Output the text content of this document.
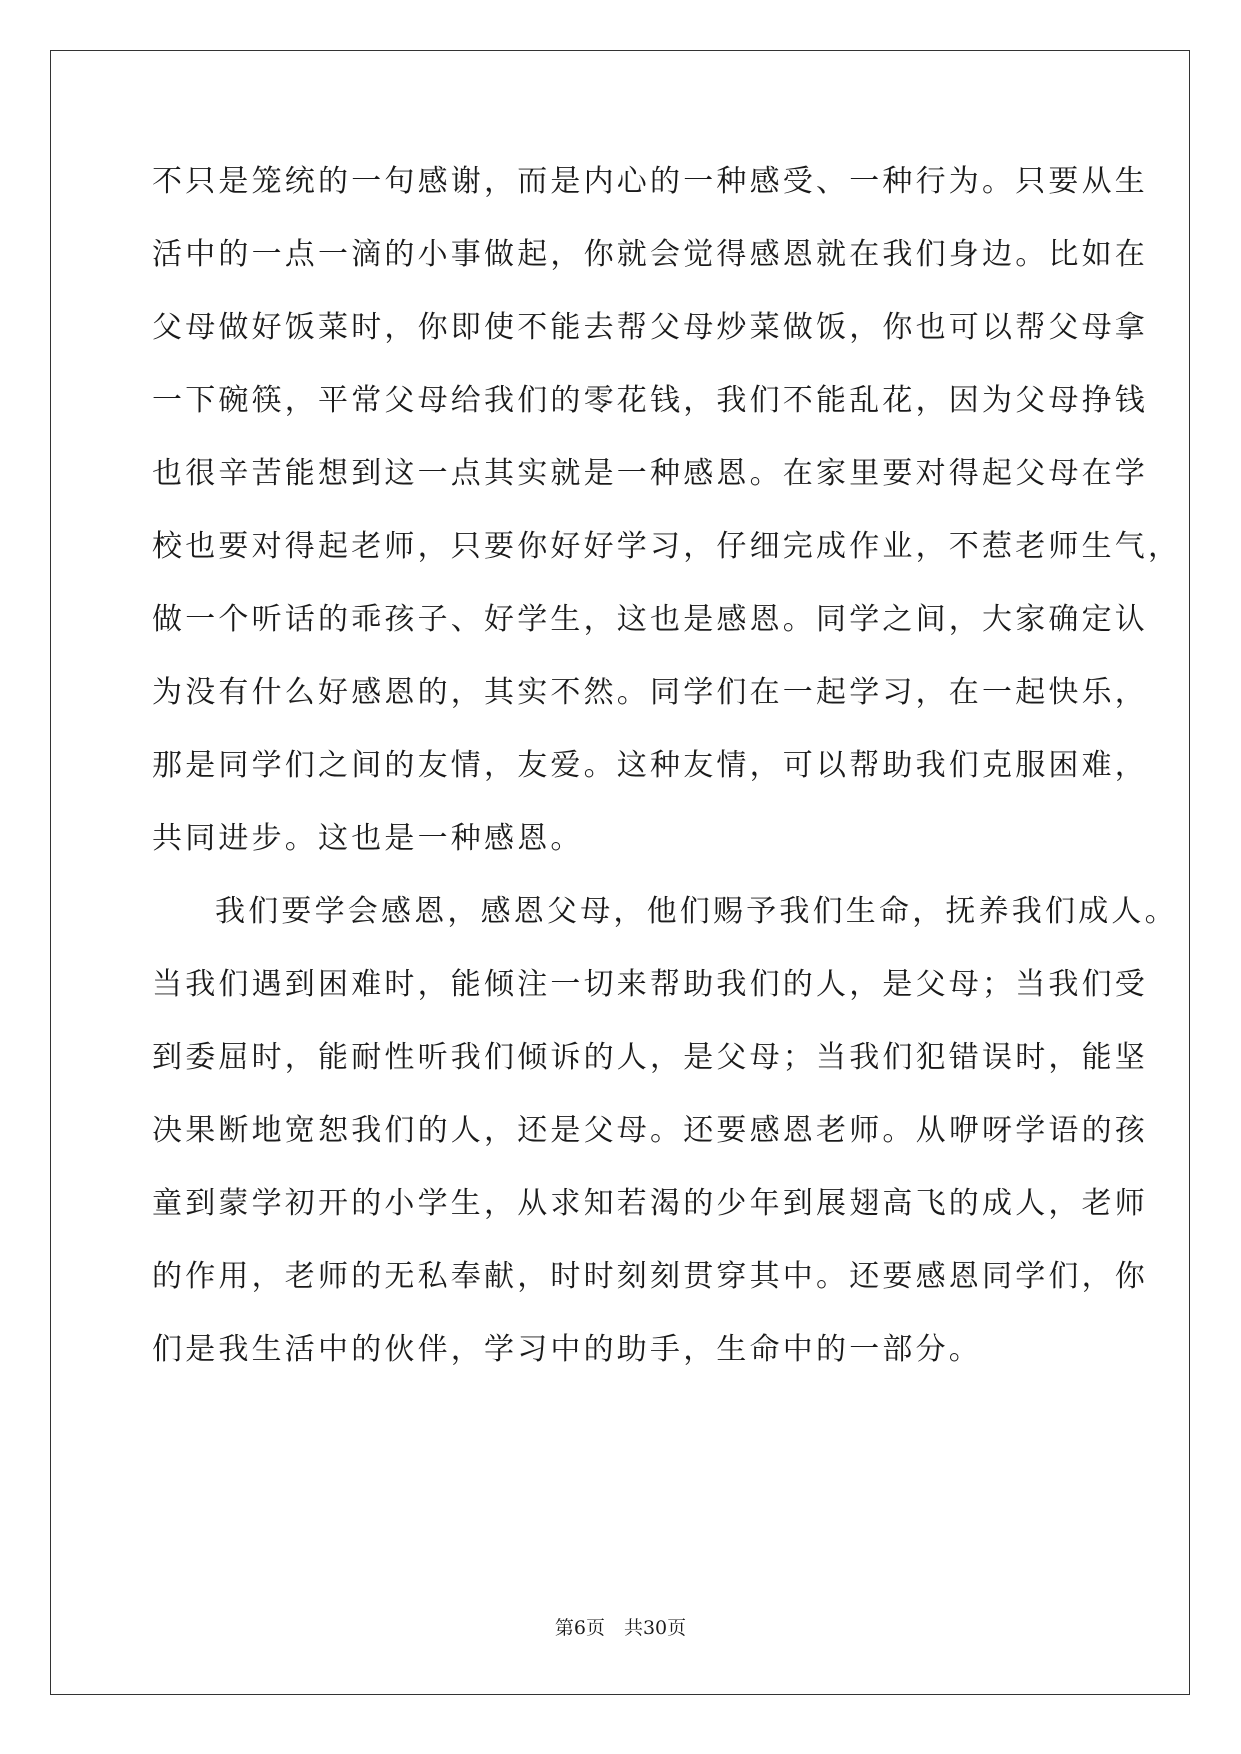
不只是笼统的一句感谢，而是内心的一种感受、一种行为。只要从生
活中的一点一滴的小事做起，你就会觉得感恩就在我们身边。比如在
父母做好饭菜时，你即使不能去帮父母炒菜做饭，你也可以帮父母拿
一下碗筷，平常父母给我们的零花钱，我们不能乱花，因为父母挣钱
也很辛苦能想到这一点其实就是一种感恩。在家里要对得起父母在学
校也要对得起老师，只要你好好学习，仔细完成作业，不惹老师生气，
做一个听话的乖孩子、好学生，这也是感恩。同学之间，大家确定认
为没有什么好感恩的，其实不然。同学们在一起学习，在一起快乐，
那是同学们之间的友情，友爱。这种友情，可以帮助我们克服困难，
共同进步。这也是一种感恩。
我们要学会感恩，感恩父母，他们赐予我们生命，抚养我们成人。
当我们遇到困难时，能倾注一切来帮助我们的人，是父母；当我们受
到委屈时，能耐性听我们倾诉的人，是父母；当我们犯错误时，能坚
决果断地宽恕我们的人，还是父母。还要感恩老师。从咿呀学语的孩
童到蒙学初开的小学生，从求知若渴的少年到展翅高飞的成人，老师
的作用，老师的无私奉献，时时刻刻贯穿其中。还要感恩同学们，你
们是我生活中的伙伴，学习中的助手，生命中的一部分。
第6页　共30页
